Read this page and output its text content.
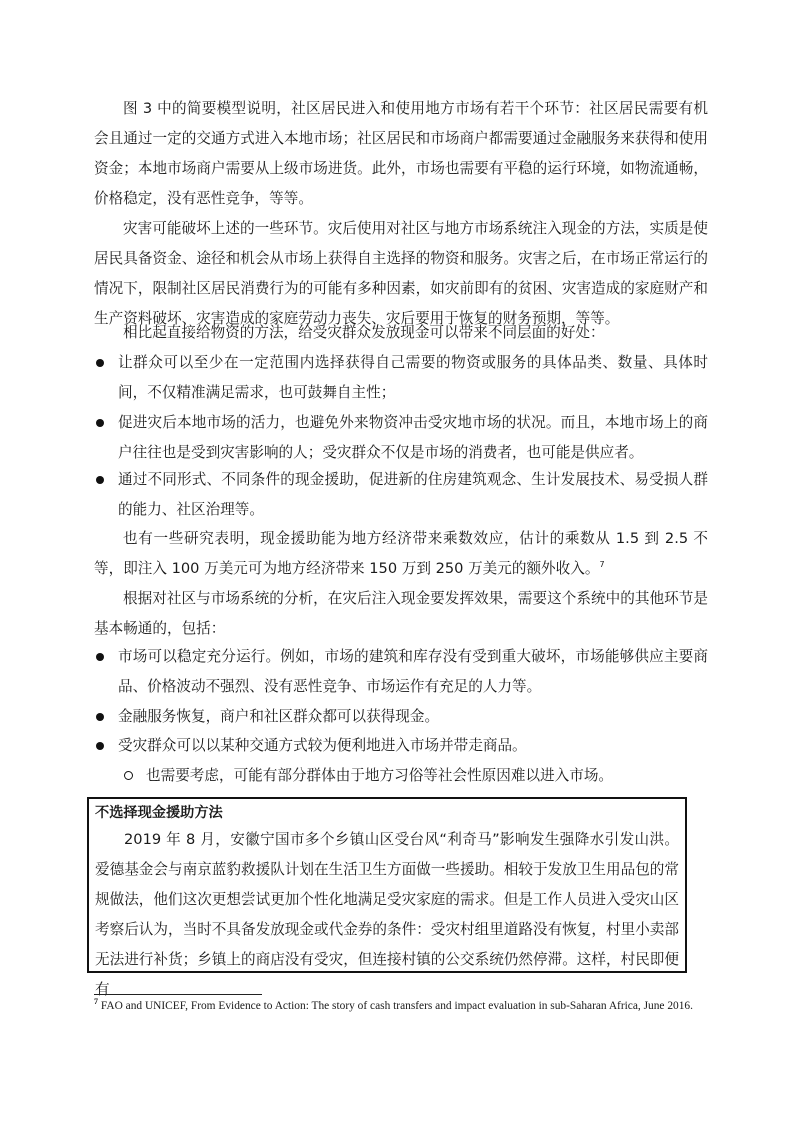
图 3 中的简要模型说明，社区居民进入和使用地方市场有若干个环节：社区居民需要有机会且通过一定的交通方式进入本地市场；社区居民和市场商户都需要通过金融服务来获得和使用资金；本地市场商户需要从上级市场进货。此外，市场也需要有平稳的运行环境，如物流通畅，价格稳定，没有恶性竞争，等等。

灾害可能破坏上述的一些环节。灾后使用对社区与地方市场系统注入现金的方法，实质是使居民具备资金、途径和机会从市场上获得自主选择的物资和服务。灾害之后，在市场正常运行的情况下，限制社区居民消费行为的可能有多种因素，如灾前即有的贫困、灾害造成的家庭财产和生产资料破坏、灾害造成的家庭劳动力丧失、灾后要用于恢复的财务预期，等等。

相比起直接给物资的方法，给受灾群众发放现金可以带来不同层面的好处：

让群众可以至少在一定范围内选择获得自己需要的物资或服务的具体品类、数量、具体时间，不仅精准满足需求，也可鼓舞自主性；
促进灾后本地市场的活力，也避免外来物资冲击受灾地市场的状况。而且，本地市场上的商户往往也是受到灾害影响的人；受灾群众不仅是市场的消费者，也可能是供应者。
通过不同形式、不同条件的现金援助，促进新的住房建筑观念、生计发展技术、易受损人群的能力、社区治理等。

也有一些研究表明，现金援助能为地方经济带来乘数效应，估计的乘数从 1.5 到 2.5 不等，即注入 100 万美元可为地方经济带来 150 万到 250 万美元的额外收入。$^7$

根据对社区与市场系统的分析，在灾后注入现金要发挥效果，需要这个系统中的其他环节是基本畅通的，包括：

市场可以稳定充分运行。例如，市场的建筑和库存没有受到重大破坏，市场能够供应主要商品、价格波动不强烈、没有恶性竞争、市场运作有充足的人力等。
金融服务恢复，商户和社区群众都可以获得现金。
受灾群众可以以某种交通方式较为便利地进入市场并带走商品。
也需要考虑，可能有部分群体由于地方习俗等社会性原因难以进入市场。

不选择现金援助方法

2019 年 8 月，安徽宁国市多个乡镇山区受台风“利奇马”影响发生强降水引发山洪。爱德基金会与南京蓝豹救援队计划在生活卫生方面做一些援助。相较于发放卫生用品包的常规做法，他们这次更想尝试更加个性化地满足受灾家庭的需求。但是工作人员进入受灾山区考察后认为，当时不具备发放现金或代金券的条件：受灾村组里道路没有恢复，村里小卖部无法进行补货；乡镇上的商店没有受灾，但连接村镇的公交系统仍然停滞。这样，村民即便有

$^7$ FAO and UNICEF, From Evidence to Action: The story of cash transfers and impact evaluation in sub-Saharan Africa, June 2016.
